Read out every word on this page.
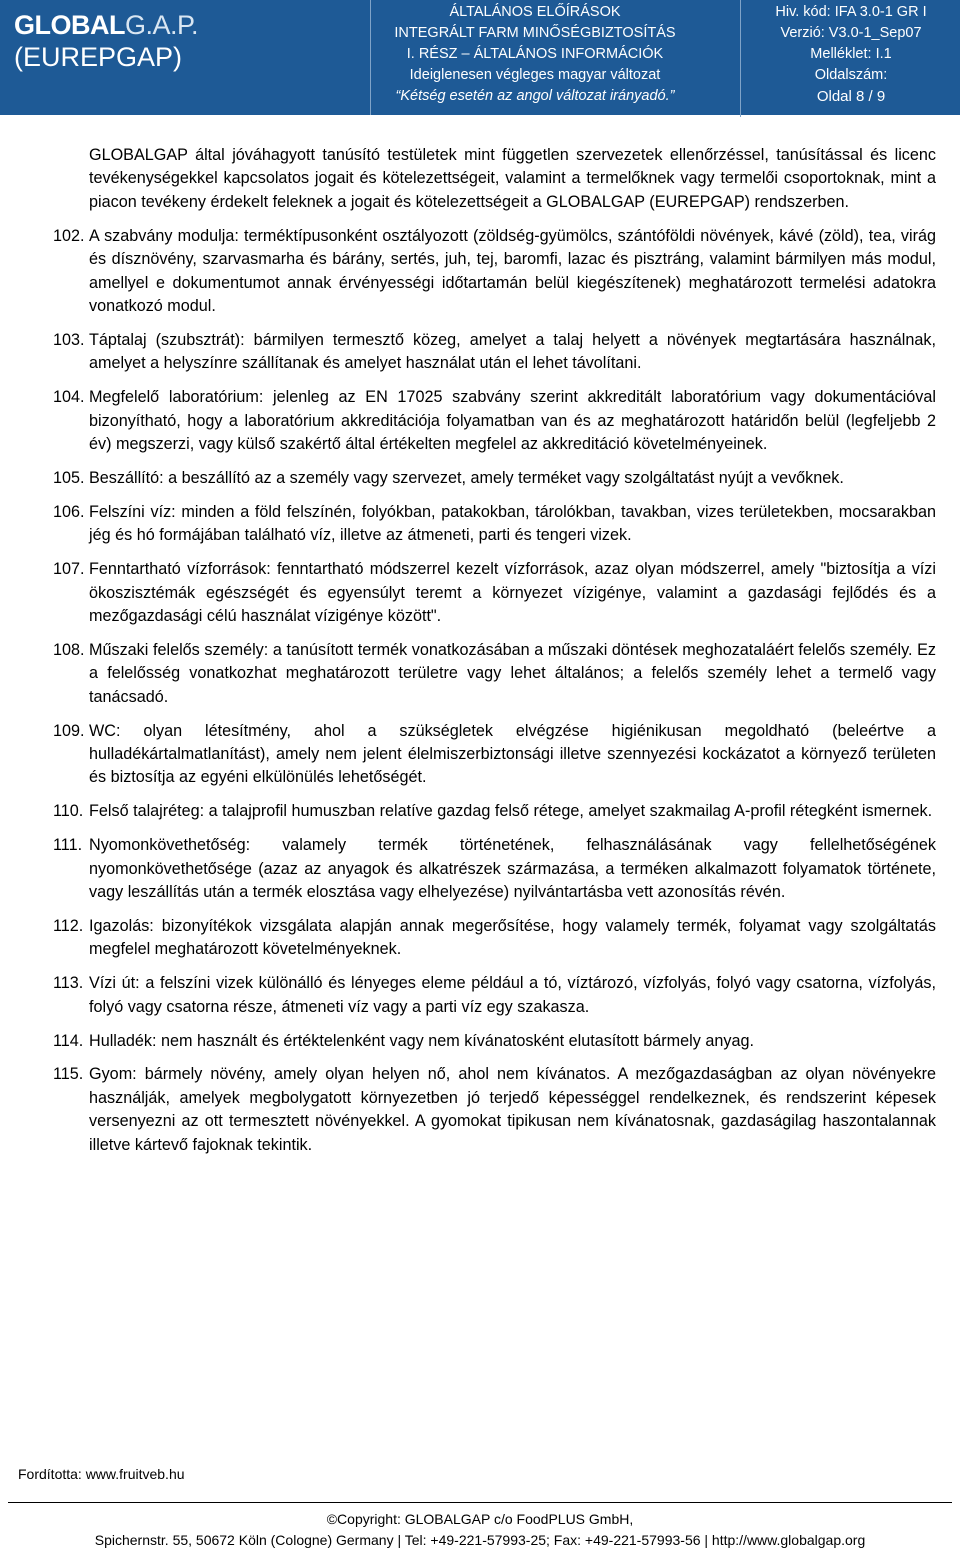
GLOBALG.A.P.
(EUREPGAP)
ÁLTALÁNOS ELŐÍRÁSOK
INTEGRÁLT FARM MINŐSÉGBIZTOSÍTÁS
I. RÉSZ – ÁLTALÁNOS INFORMÁCIÓK
Ideiglenesen végleges magyar változat
“Kétség esetén az angol változat irányadó.”
Hiv. kód: IFA 3.0-1 GR I
Verzió: V3.0-1_Sep07
Melléklet: I.1
Oldalszám:
Oldal 8 / 9
GLOBALGAP által jóváhagyott tanúsító testületek mint független szervezetek ellenőrzéssel, tanúsítással és licenc tevékenységekkel kapcsolatos jogait és kötelezettségeit, valamint a termelőknek vagy termelői csoportoknak, mint a piacon tevékeny érdekelt feleknek a jogait és kötelezettségeit a GLOBALGAP (EUREPGAP) rendszerben.
102. A szabvány modulja: terméktípusonként osztályozott (zöldség-gyümölcs, szántóföldi növények, kávé (zöld), tea, virág és dísznövény, szarvasmarha és bárány, sertés, juh, tej, baromfi, lazac és pisztráng, valamint bármilyen más modul, amellyel e dokumentumot annak érvényességi időtartamán belül kiegészítenek) meghatározott termelési adatokra vonatkozó modul.
103. Táptalaj (szubsztrát): bármilyen termesztő közeg, amelyet a talaj helyett a növények megtartására használnak, amelyet a helyszínre szállítanak és amelyet használat után el lehet távolítani.
104. Megfelelő laboratórium: jelenleg az EN 17025 szabvány szerint akkreditált laboratórium vagy dokumentációval bizonyítható, hogy a laboratórium akkreditációja folyamatban van és az meghatározott határidőn belül (legfeljebb 2 év) megszerzi, vagy külső szakértő által értékelten megfelel az akkreditáció követelményeinek.
105. Beszállító: a beszállító az a személy vagy szervezet, amely terméket vagy szolgáltatást nyújt a vevőknek.
106. Felszíni víz: minden a föld felszínén, folyókban, patakokban, tárolókban, tavakban, vizes területekben, mocsarakban jég és hó formájában található víz, illetve az átmeneti, parti és tengeri vizek.
107. Fenntartható vízforrások: fenntartható módszerrel kezelt vízforrások, azaz olyan módszerrel, amely "biztosítja a vízi ökoszisztémák egészségét és egyensúlyt teremt a környezet vízigénye, valamint a gazdasági fejlődés és a mezőgazdasági célú használat vízigénye között".
108. Műszaki felelős személy: a tanúsított termék vonatkozásában a műszaki döntések meghozataláért felelős személy. Ez a felelősség vonatkozhat meghatározott területre vagy lehet általános; a felelős személy lehet a termelő vagy tanácsadó.
109. WC: olyan létesítmény, ahol a szükségletek elvégzése higiénikusan megoldható (beleértve a hulladékártalmatlanítást), amely nem jelent élelmiszerbiztonsági illetve szennyezési kockázatot a környező területen és biztosítja az egyéni elkülönülés lehetőségét.
110. Felső talajréteg: a talajprofil humuszban relatíve gazdag felső rétege, amelyet szakmailag A-profil rétegként ismernek.
111. Nyomonkövethetőség: valamely termék történetének, felhasználásának vagy fellelhetőségének nyomonkövethetősége (azaz az anyagok és alkatrészek származása, a terméken alkalmazott folyamatok története, vagy leszállítás után a termék elosztása vagy elhelyezése) nyilvántartásba vett azonosítás révén.
112. Igazolás: bizonyítékok vizsgálata alapján annak megerősítése, hogy valamely termék, folyamat vagy szolgáltatás megfelel meghatározott követelményeknek.
113. Vízi út: a felszíni vizek különálló és lényeges eleme például a tó, víztározó, vízfolyás, folyó vagy csatorna, vízfolyás, folyó vagy csatorna része, átmeneti víz vagy a parti víz egy szakasza.
114. Hulladék: nem használt és értéktelenként vagy nem kívánatosként elutasított bármely anyag.
115. Gyom: bármely növény, amely olyan helyen nő, ahol nem kívánatos. A mezőgazdaságban az olyan növényekre használják, amelyek megbolygatott környezetben jó terjedő képességgel rendelkeznek, és rendszerint képesek versenyezni az ott termesztett növényekkel. A gyomokat tipikusan nem kívánatosnak, gazdaságilag haszontalannak illetve kártevő fajoknak tekintik.
Fordította: www.fruitveb.hu
©Copyright: GLOBALGAP c/o FoodPLUS GmbH,
Spichernstr. 55, 50672 Köln (Cologne) Germany | Tel: +49-221-57993-25; Fax: +49-221-57993-56 | http://www.globalgap.org
